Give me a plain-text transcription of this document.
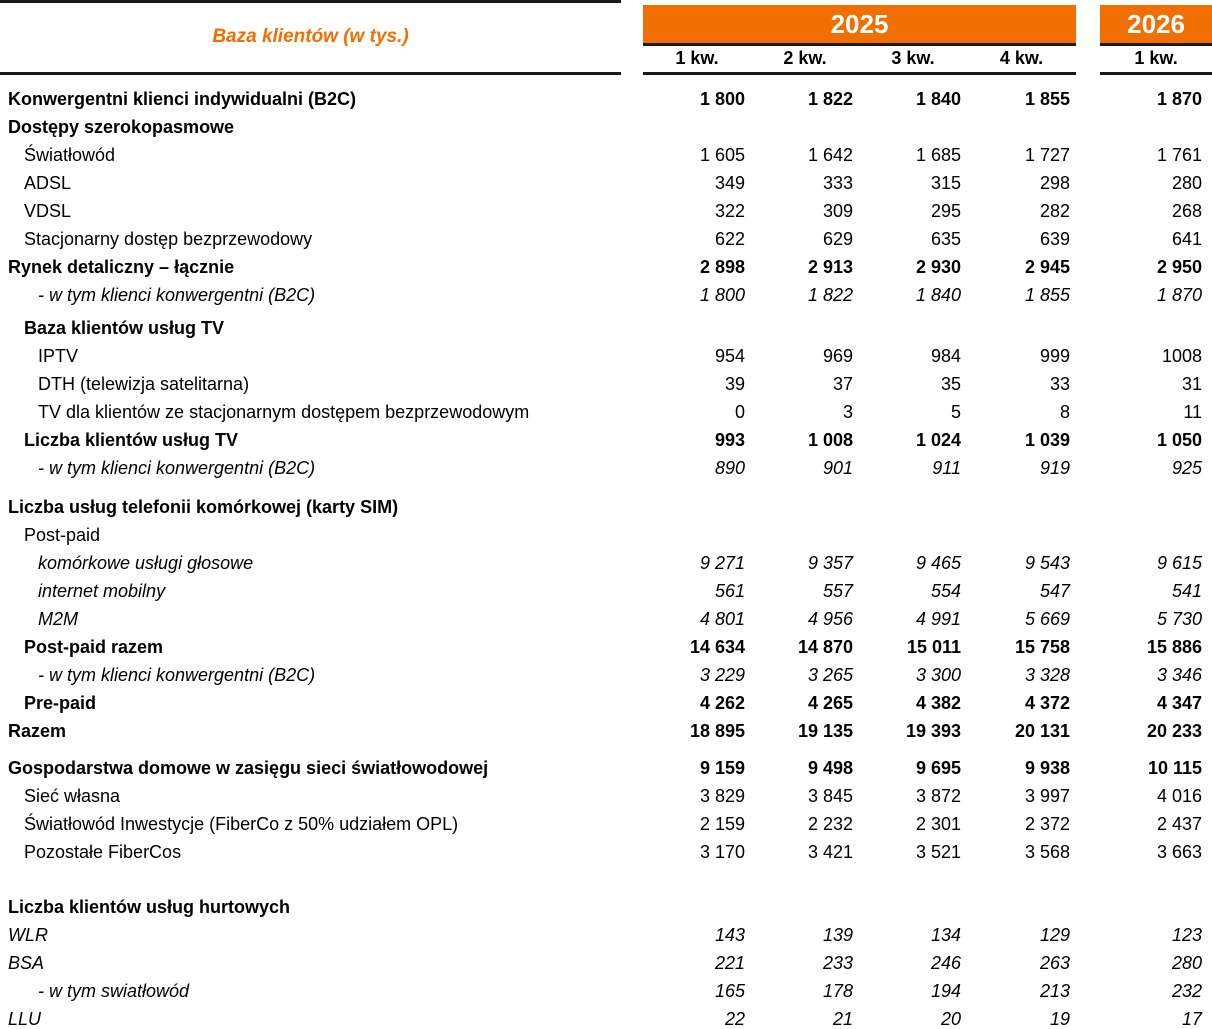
Baza klientów (w tys.)		2025					2026

		1 kw.	2 kw.	3 kw.	4 kw.		1 kw.

Konwergentni klienci indywidualni (B2C)		1 800	1 822	1 840	1 855		1 870
Dostępy szerokopasmowe							
Światłowód		1 605	1 642	1 685	1 727		1 761
ADSL		349	333	315	298		280
VDSL		322	309	295	282		268
Stacjonarny dostęp bezprzewodowy		622	629	635	639		641
Rynek detaliczny – łącznie		2 898	2 913	2 930	2 945		2 950
- w tym klienci konwergentni (B2C)		1 800	1 822	1 840	1 855		1 870

Baza klientów usług TV							
IPTV		954	969	984	999		1008
DTH (telewizja satelitarna)		39	37	35	33		31
TV dla klientów ze stacjonarnym dostępem bezprzewodowym		0	3	5	8		11
Liczba klientów usług TV		993	1 008	1 024	1 039		1 050
- w tym klienci konwergentni (B2C)		890	901	911	919		925

Liczba usług telefonii komórkowej (karty SIM)							
Post-paid							
komórkowe usługi głosowe		9 271	9 357	9 465	9 543		9 615
internet mobilny		561	557	554	547		541
M2M		4 801	4 956	4 991	5 669		5 730
Post-paid razem		14 634	14 870	15 011	15 758		15 886
- w tym klienci konwergentni (B2C)		3 229	3 265	3 300	3 328		3 346
Pre-paid		4 262	4 265	4 382	4 372		4 347
Razem		18 895	19 135	19 393	20 131		20 233

Gospodarstwa domowe w zasięgu sieci światłowodowej		9 159	9 498	9 695	9 938		10 115
Sieć własna		3 829	3 845	3 872	3 997		4 016
Światłowód Inwestycje (FiberCo z 50% udziałem OPL)		2 159	2 232	2 301	2 372		2 437
Pozostałe FiberCos		3 170	3 421	3 521	3 568		3 663

Liczba klientów usług hurtowych							
WLR		143	139	134	129		123
BSA		221	233	246	263		280
- w tym swiatłowód		165	178	194	213		232
LLU		22	21	20	19		17
